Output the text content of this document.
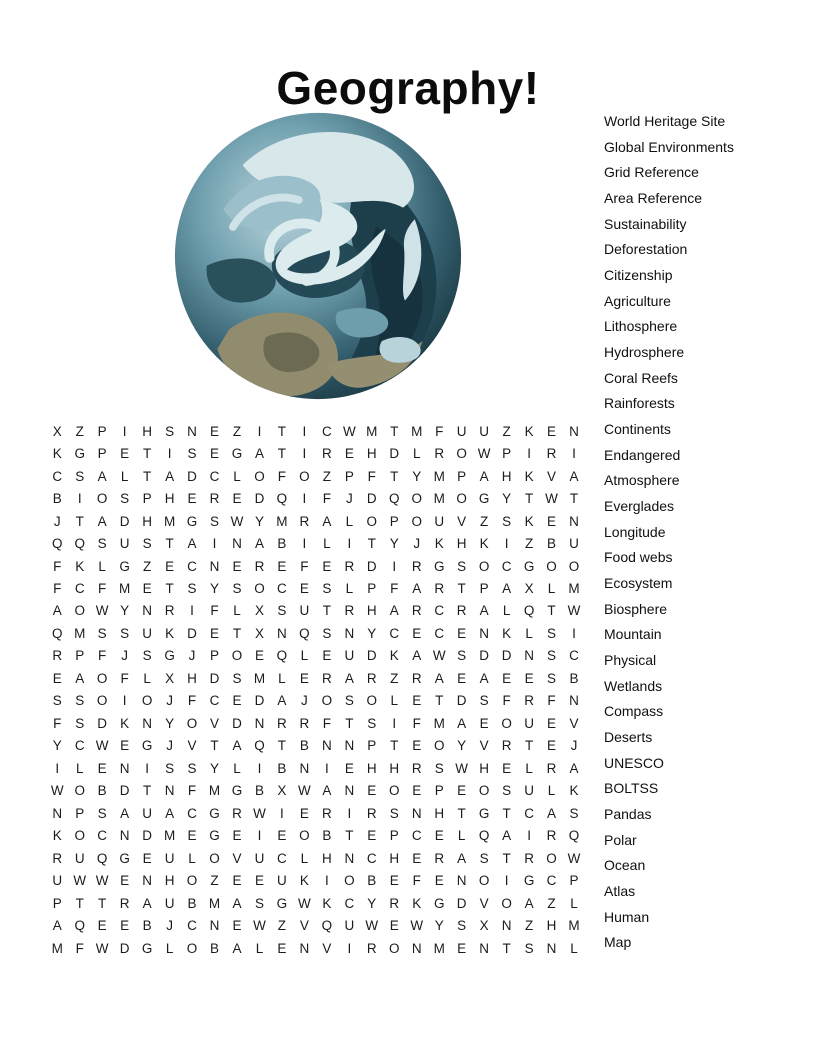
Geography!
X	Z	P	I	H S N E	Z	I	T	I	C W M T M F U U Z	K E N
K G P E	T	I	S E G A	T	I	R E H D	L	R O W P	I	R	I
C S A	L	T	A D C	L O F O Z	P	F	T	Y M P A H K V A
B	I	O S P H E R E D Q	I	F	J	D Q O M O G Y	T W T
J	T	A D H M G S W Y M R A	L O P O U V	Z	S K E N
Q Q S U S	T	A	I	N A B	I	L	I	T	Y	J	K H K	I	Z	B U
F	K	L G Z	E C N E R E	F	E R D	I	R G S O C G O O
F C F M E	T	S Y S O C E S	L	P	F	A R T	P A X	L M
A O W Y N R	I	F	L	X S U T R H A R C R A	L Q T W
Q M S S U K D E	T	X N Q S N Y C E C E N K	L	S	I
R P	F	J	S G	J	P O E Q L	E U D K A W S D D N S C
E A O F	L	X H D S M L	E R A R Z R A E A E E S B
S S O	I	O	J	F C E D A	J	O S O L	E	T D S	F R F N
F	S D K N Y O V D N R R F	T	S	I	F M A E O U E V
Y C W E G	J	V	T	A Q T	B N N P	T	E O Y V R T	E	J
I	L	E N	I	S S Y	L	I	B N	I	E H H R S W H E	L	R A
W O B D T N F M G B X W A N E O E P E O S U	L	K
N P S A U A C G R W	I	E R	I	R S N H T G T C A S
K O C N D M E G E	I	E O B	T	E P C E	L Q A	I	R Q
R U Q G E U	L O V U C	L	H N C H E R A S	T R O W
U W W E N H O Z	E E U K	I	O B E	F	E N O	I	G C P
P	T	T R A U B M A S G W K C Y R K G D V O A	Z	L
A Q E E B	J	C N E W Z	V Q U W E W Y S X N Z H M
M F W D G L O B A	L	E N V	I	R O N M E N T	S N	L
World Heritage Site
Global Environments
Grid Reference
Area Reference
Sustainability
Deforestation
Citizenship
Agriculture
Lithosphere
Hydrosphere
Coral Reefs
Rainforests
Continents
Endangered
Atmosphere
Everglades
Longitude
Food webs
Ecosystem
Biosphere
Mountain
Physical
Wetlands
Compass
Deserts
UNESCO
BOLTSS
Pandas
Polar
Ocean
Atlas
Human
Map
